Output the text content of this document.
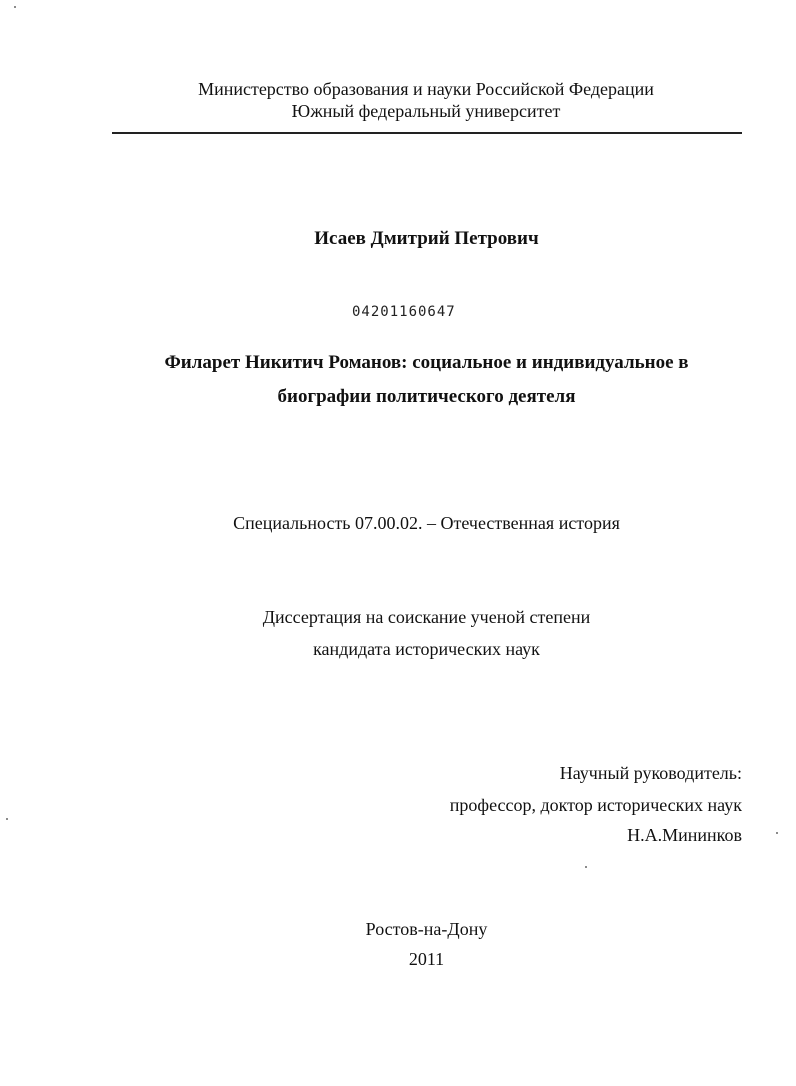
Министерство образования и науки Российской Федерации
Южный федеральный университет
Исаев Дмитрий Петрович
04201160647
Филарет Никитич Романов: социальное и индивидуальное в
биографии политического деятеля
Специальность 07.00.02. – Отечественная история
Диссертация на соискание ученой степени
кандидата исторических наук
Научный руководитель:
профессор, доктор исторических наук
Н.А.Мининков
Ростов-на-Дону
2011
